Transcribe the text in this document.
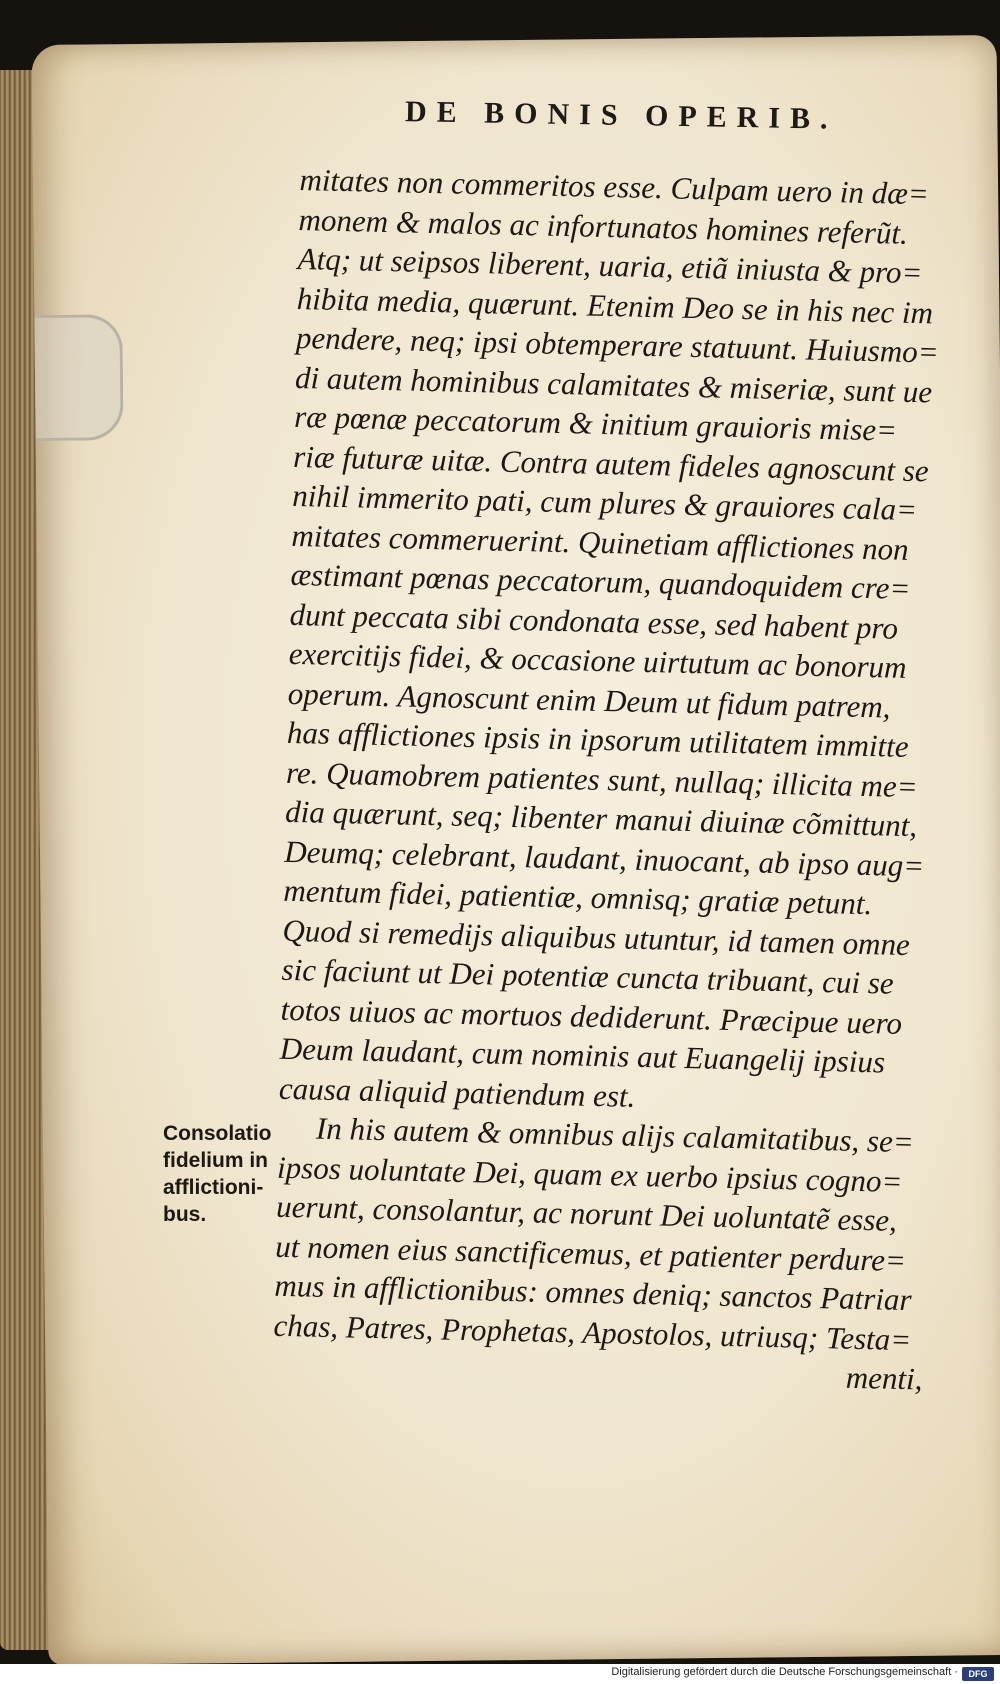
DE BONIS OPERIB.
mitates non commeritos esse. Culpam uero in dæ=
monem & malos ac infortunatos homines referũt.
Atq; ut seipsos liberent, uaria, etiã iniusta & pro=
hibita media, quærunt. Etenim Deo se in his nec im
pendere, neq; ipsi obtemperare statuunt. Huiusmo=
di autem hominibus calamitates & miseriæ, sunt ue
ræ pœnæ peccatorum & initium grauioris mise=
riæ futuræ uitæ. Contra autem fideles agnoscunt se
nihil immerito pati, cum plures & grauiores cala=
mitates commeruerint. Quinetiam afflictiones non
æstimant pœnas peccatorum, quandoquidem cre=
dunt peccata sibi condonata esse, sed habent pro
exercitijs fidei, & occasione uirtutum ac bonorum
operum. Agnoscunt enim Deum ut fidum patrem,
has afflictiones ipsis in ipsorum utilitatem immitte
re. Quamobrem patientes sunt, nullaq; illicita me=
dia quærunt, seq; libenter manui diuinæ cõmittunt,
Deumq; celebrant, laudant, inuocant, ab ipso aug=
mentum fidei, patientiæ, omnisq; gratiæ petunt.
Quod si remedijs aliquibus utuntur, id tamen omne
sic faciunt ut Dei potentiæ cuncta tribuant, cui se
totos uiuos ac mortuos dediderunt. Præcipue uero
Deum laudant, cum nominis aut Euangelij ipsius
causa aliquid patiendum est.
In his autem & omnibus alijs calamitatibus, se=
ipsos uoluntate Dei, quam ex uerbo ipsius cogno=
uerunt, consolantur, ac norunt Dei uoluntatẽ esse,
ut nomen eius sanctificemus, et patienter perdure=
mus in afflictionibus: omnes deniq; sanctos Patriar
chas, Patres, Prophetas, Apostolos, utriusq; Testa=
menti,
Consolatio
fidelium in
afflictioni-
bus.
Digitalisierung gefördert durch die Deutsche Forschungsgemeinschaft ·	DFG
